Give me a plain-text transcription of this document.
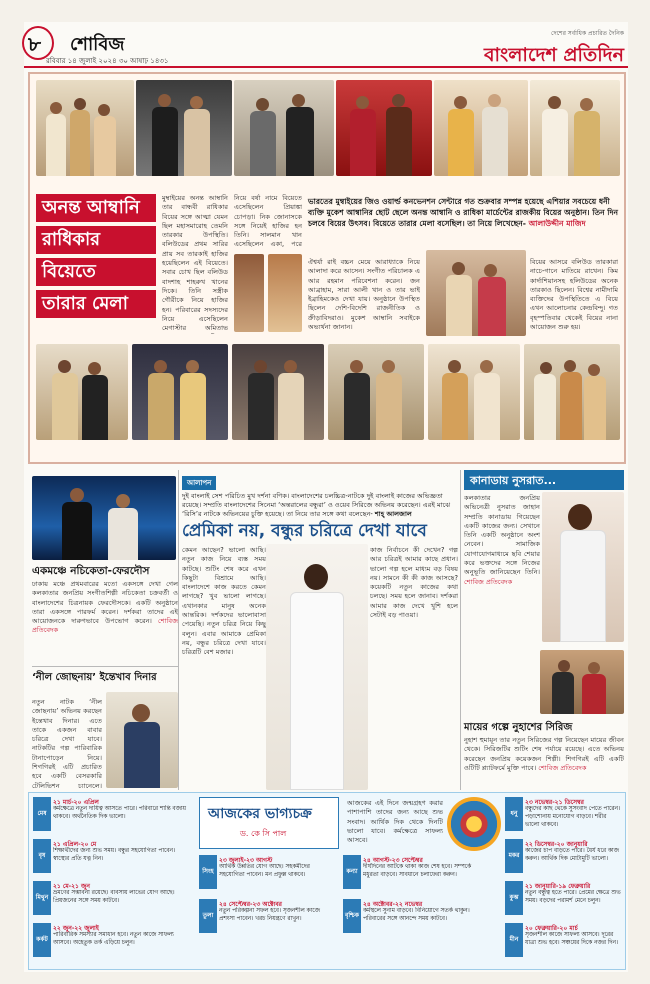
৮ শোবিজ
রবিবার ১৪ জুলাই ২০২৪ ৩০ আষাঢ় ১৪৩১
দেশের সর্বাধিক প্রচারিত দৈনিক
বাংলাদেশ প্রতিদিন
অনন্ত আম্বানি
রাধিকার
বিয়েতে
তারার মেলা
মুম্বাইয়ের অনন্ত আম্বানি তার বান্ধবী রাধিকার বিয়ের সঙ্গে আত্মা যেমন ছিল মহাসমারোহ তেমনি তারকার উপস্থিতি। বলিউডের প্রথম সারির প্রায় সব তারকাই হাজির হয়েছিলেন এই বিয়েতে। সবার চোখ ছিল বলিউড বাদশাহ শাহরুখ খানের দিকে। তিনি সস্ত্রীক গৌরীকে নিয়ে হাজির হন। পরিবারের সদস্যদের নিয়ে এসেছিলেন মেগাস্টার অমিতাভ
নিয়ে বর্ষা নামে বিয়েতে এসেছিলেন প্রিয়াঙ্কা চোপড়া। নিক জোনাসকে সঙ্গে নিয়েই হাজির হন তিনি। সালমান খান এসেছিলেন একা, পরে
ভারতের মুম্বাইয়ের জিও ওয়ার্ল্ড কনভেনশন সেন্টারে গত শুক্রবার সম্পন্ন হয়েছে এশিয়ার সবচেয়ে ধনী ব্যক্তি মুকেশ আম্বানির ছোট ছেলে অনন্ত আম্বানি ও রাধিকা মার্চেন্টের রাজকীয় বিয়ের অনুষ্ঠান। তিন দিন চলবে বিয়ের উৎসব। বিয়েতে তারার মেলা বসেছিল। তা নিয়ে লিখেছেন- আলাউদ্দীন মাজিদ
ঐশ্বর্যা রাই বচ্চন মেয়ে আরাধ্যাকে নিয়ে আলাদা করে আসেন। সংগীত পরিচালক এ আর রহমান পরিবেশনা করেন। জন আব্রাহাম, সারা আলী খান ও তার ভাই ইব্রাহিমকেও দেখা যায়। অনুষ্ঠানে উপস্থিত ছিলেন দেশি-বিদেশি রাজনীতিক ও ক্রীড়াবিদরাও। মুকেশ আম্বানি সবাইকে অভ্যর্থনা জানান।
বিয়ের আসরে বলিউড তারকারা নাচে-গানে মাতিয়ে রাখেন। কিম কার্দাশিয়ানসহ হলিউডের অনেক তারকাও ছিলেন। বিশ্বের নামীদামি ব্যক্তিদের উপস্থিতিতে এ বিয়ে এখন আলোচনার কেন্দ্রবিন্দু। গত বৃহস্পতিবার থেকেই বিয়ের নানা আয়োজন শুরু হয়।
একমঞ্চে নচিকেতা-ফেরদৌস
ঢাকায় মঞ্চে প্রথমবারের মতো একসঙ্গে দেখা গেল কলকাতার জনপ্রিয় সংগীতশিল্পী নচিকেতা চক্রবর্তী ও বাংলাদেশের চিত্রনায়ক ফেরদৌসকে। একটি অনুষ্ঠানে তারা একসঙ্গে পারফর্ম করেন। দর্শকরা তাদের এই আয়োজনকে দারুণভাবে উপভোগ করেন। শোবিজ প্রতিবেদক
‘নীল জোছনায়’ ইন্তেখাব দিনার
নতুন নাটক ‘নীল জোছনায়’ অভিনয় করছেন ইন্তেখাব দিনার। এতে তাকে একজন বাবার চরিত্রে দেখা যাবে। নাটকটির গল্প পারিবারিক টানাপোড়েন নিয়ে। শিগগিরই এটি প্রচারিত হবে একটি বেসরকারি টেলিভিশন চ্যানেলে।
আলাপন
দুই বাংলাই সেশ পরিচিত মুখ দর্শনা বণিক। বাংলাদেশের চলচ্চিত্র-নাটকে দুই বাংলাই কাজের অভিজ্ঞতা রয়েছে। সম্প্রতি বাংলাদেশের সিনেমা ‘অন্তরালের বন্ধুরা’ ও ওয়েব সিরিজে অভিনয় করেছেন। এরই মাঝে ‘রিসি’র নাটকে অভিনয়ের চুক্তি হয়েছে। তা নিয়ে তার সঙ্গে কথা বলেছেন- শাহ্ আলজাল
প্রেমিকা নয়, বন্ধুর চরিত্রে দেখা যাবে
কেমন আছেন? ভালো আছি। নতুন কাজ নিয়ে ব্যস্ত সময় কাটছে। শুটিং শেষ করে এখন কিছুটা বিশ্রামে আছি। বাংলাদেশে কাজ করতে কেমন লাগছে? খুব ভালো লাগছে। এখানকার মানুষ অনেক আন্তরিক। দর্শকদের ভালোবাসা পেয়েছি। নতুন চরিত্র নিয়ে কিছু বলুন। এবার আমাকে প্রেমিকা নয়, বন্ধুর চরিত্রে দেখা যাবে। চরিত্রটি বেশ মজার।
কাজ নির্বাচনে কী দেখেন? গল্প আর চরিত্রই আমার কাছে প্রধান। ভালো গল্প হলে মাধ্যম বড় বিষয় নয়। সামনে কী কী কাজ আসছে? কয়েকটি নতুন কাজের কথা চলছে। সময় হলে জানাব। দর্শকরা আমার কাজ দেখে খুশি হলে সেটাই বড় পাওয়া।
কানাডায় নুসরাত...
কলকাতার জনপ্রিয় অভিনেত্রী নুসরাত জাহান সম্প্রতি কানাডায় গিয়েছেন একটি কাজের জন্য। সেখানে তিনি একটি অনুষ্ঠানে অংশ নেবেন। সামাজিক যোগাযোগমাধ্যমে ছবি শেয়ার করে ভক্তদের সঙ্গে নিজের অনুভূতি জানিয়েছেন তিনি। শোবিজ প্রতিবেদক
মায়ের গল্পে নুহাশের সিরিজ
নুহাশ হুমায়ূন তার নতুন সিরিজের গল্প নিয়েছেন মায়ের জীবন থেকে। সিরিজটির শুটিং শেষ পর্যায়ে রয়েছে। এতে অভিনয় করেছেন জনপ্রিয় কয়েকজন শিল্পী। শিগগিরই এটি একটি ওটিটি প্ল্যাটফর্মে মুক্তি পাবে। শোবিজ প্রতিবেদক
আজকের ভাগ্যচক্র
ড. কে সি পাল
আজকের এই দিনে জন্মগ্রহণ করার পাশাপাশি তাদের জন্য আছে শুভ সংবাদ। আর্থিক দিক থেকে দিনটি ভালো যাবে। কর্মক্ষেত্রে সাফল্য আসবে।
মেষ
২১ মার্চ-২০ এপ্রিল
কর্মক্ষেত্রে নতুন দায়িত্ব আসতে পারে। পরিবারে শান্তি বজায় থাকবে। অর্থনৈতিক দিক ভালো।
বৃষ
২১ এপ্রিল-২০ মে
শিক্ষার্থীদের জন্য শুভ সময়। বন্ধুর সহযোগিতা পাবেন। স্বাস্থ্যের প্রতি যত্ন নিন।
মিথুন
২১ মে-২১ জুন
ভ্রমণের সম্ভাবনা রয়েছে। ব্যবসায় লাভের যোগ আছে। প্রিয়জনের সঙ্গে সময় কাটবে।
কর্কট
২২ জুন-২২ জুলাই
পারিবারিক সমস্যার সমাধান হবে। নতুন কাজে সাফল্য আসবে। অহেতুক তর্ক এড়িয়ে চলুন।
সিংহ
২৩ জুলাই-২৩ আগস্ট
আর্থিক উন্নতির যোগ আছে। সহকর্মীদের সহযোগিতা পাবেন। মন প্রফুল্ল থাকবে।	কন্যা
২৪ আগস্ট-২৩ সেপ্টেম্বর
দীর্ঘদিনের আটকে থাকা কাজ শেষ হবে। সম্পর্কে মধুরতা বাড়বে। সাবধানে চলাফেরা করুন।
তুলা
২৪ সেপ্টেম্বর-২৩ অক্টোবর
নতুন পরিকল্পনা সফল হবে। সৃজনশীল কাজে প্রশংসা পাবেন। খরচ নিয়ন্ত্রণে রাখুন।	বৃশ্চিক
২৪ অক্টোবর-২২ নভেম্বর
কর্মস্থলে সুনাম বাড়বে। বিনিয়োগে সতর্ক থাকুন। পরিবারের সঙ্গে আনন্দে সময় কাটবে।
ধনু
২৩ নভেম্বর-২১ ডিসেম্বর
বন্ধুদের কাছ থেকে সুসংবাদ পেতে পারেন। পড়াশোনায় মনোযোগ বাড়বে। শরীর ভালো থাকবে।
মকর
২২ ডিসেম্বর-২০ জানুয়ারি
কাজের চাপ বাড়তে পারে। ধৈর্য ধরে কাজ করুন। আর্থিক দিক মোটামুটি ভালো।
কুম্ভ
২১ জানুয়ারি-১৯ ফেব্রুয়ারি
নতুন বন্ধুত্ব হতে পারে। প্রেমের ক্ষেত্রে শুভ সময়। বড়দের পরামর্শ মেনে চলুন।
মীন
২০ ফেব্রুয়ারি-২০ মার্চ
সৃজনশীল কাজে সাফল্য আসবে। দূরের যাত্রা শুভ হবে। সঞ্চয়ের দিকে নজর দিন।
